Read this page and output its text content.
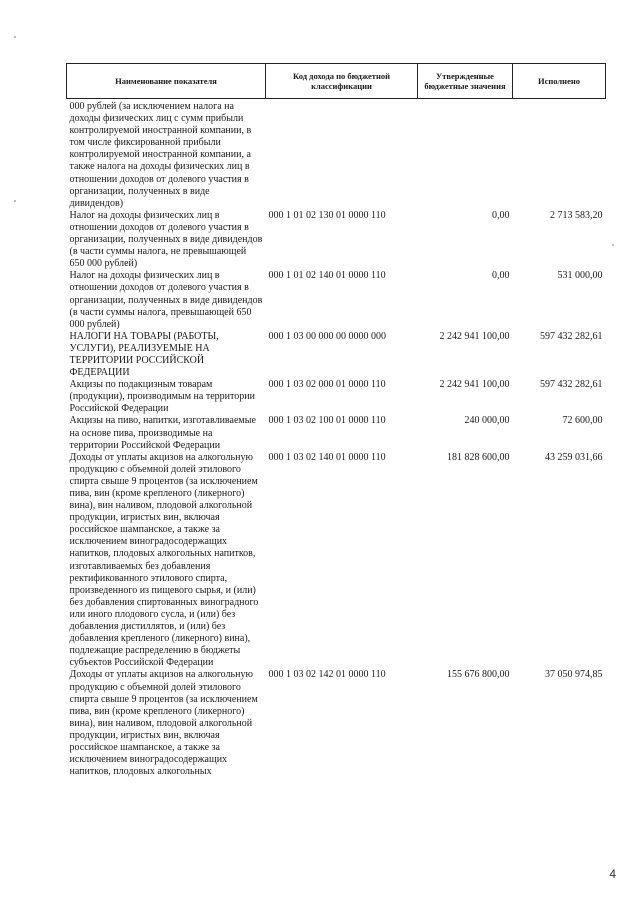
Наименование показателя	Код дохода по бюджетной классификации	Утвержденные бюджетные значения	Исполнено
000 рублей (за исключением налога на доходы физических лиц с сумм прибыли контролируемой иностранной компании, в том числе фиксированной прибыли контролируемой иностранной компании, а также налога на доходы физических лиц в отношении доходов от долевого участия в организации, полученных в виде дивидендов)			
Налог на доходы физических лиц в отношении доходов от долевого участия в организации, полученных в виде дивидендов (в части суммы налога, не превышающей 650 000 рублей)	000 1 01 02 130 01 0000 110	0,00	2 713 583,20
Налог на доходы физических лиц в отношении доходов от долевого участия в организации, полученных в виде дивидендов (в части суммы налога, превышающей 650 000 рублей)	000 1 01 02 140 01 0000 110	0,00	531 000,00
НАЛОГИ НА ТОВАРЫ (РАБОТЫ, УСЛУГИ), РЕАЛИЗУЕМЫЕ НА ТЕРРИТОРИИ РОССИЙСКОЙ ФЕДЕРАЦИИ	000 1 03 00 000 00 0000 000	2 242 941 100,00	597 432 282,61
Акцизы по подакцизным товарам (продукции), производимым на территории Российской Федерации	000 1 03 02 000 01 0000 110	2 242 941 100,00	597 432 282,61
Акцизы на пиво, напитки, изготавливаемые на основе пива, производимые на территории Российской Федерации	000 1 03 02 100 01 0000 110	240 000,00	72 600,00
Доходы от уплаты акцизов на алкогольную продукцию с объемной долей этилового спирта свыше 9 процентов (за исключением пива, вин (кроме крепленого (ликерного) вина), вин наливом, плодовой алкогольной продукции, игристых вин, включая российское шампанское, а также за исключением виноградосодержащих напитков, плодовых алкогольных напитков, изготавливаемых без добавления ректификованного этилового спирта, произведенного из пищевого сырья, и (или) без добавления спиртованных виноградного или иного плодового сусла, и (или) без добавления дистиллятов, и (или) без добавления крепленого (ликерного) вина), подлежащие распределению в бюджеты субъектов Российской Федерации	000 1 03 02 140 01 0000 110	181 828 600,00	43 259 031,66
Доходы от уплаты акцизов на алкогольную продукцию с объемной долей этилового спирта свыше 9 процентов (за исключением пива, вин (кроме крепленого (ликерного) вина), вин наливом, плодовой алкогольной продукции, игристых вин, включая российское шампанское, а также за исключением виноградосодержащих напитков, плодовых алкогольных	000 1 03 02 142 01 0000 110	155 676 800,00	37 050 974,85
4
